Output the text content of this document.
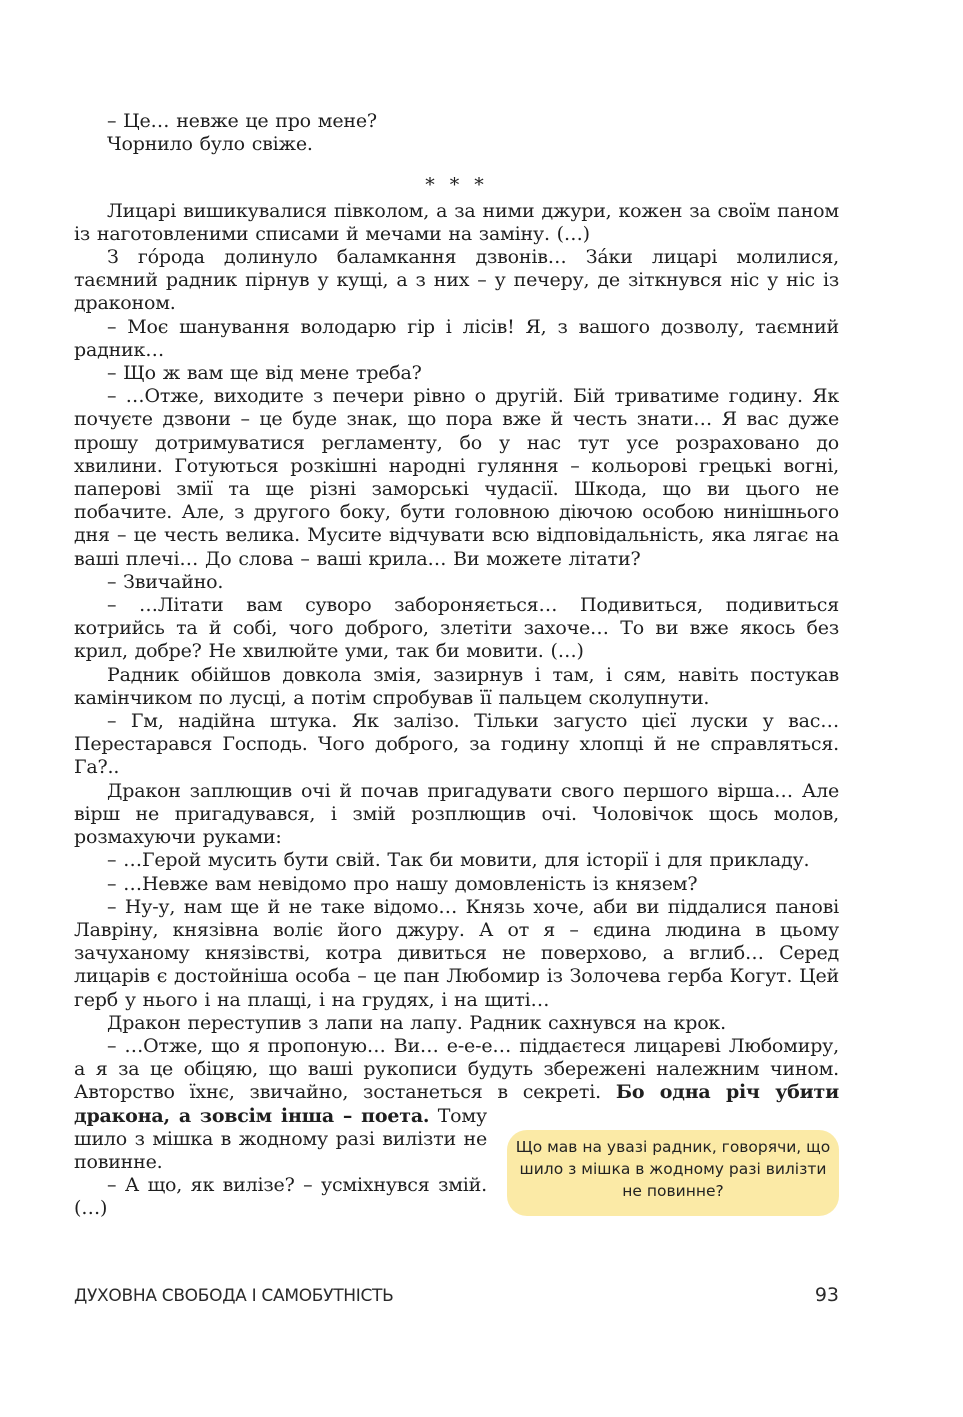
– Це… невже це про мене?

Чорнило було свіже.

* * *

Лицарі вишикувалися півколом, а за ними джури, кожен за своїм паном із наготовленими списами й мечами на заміну. (…)

З гóрода долинуло баламкання дзвонів… Зáки лицарі молилися, таємний радник пірнув у кущі, а з них – у печеру, де зіткнувся ніс у ніс із драконом.

– Моє шанування володарю гір і лісів! Я, з вашого дозволу, таємний радник…

– Що ж вам ще від мене треба?

– …Отже, виходите з печери рівно о другій. Бій триватиме годину. Як почуєте дзвони – це буде знак, що пора вже й честь знати… Я вас дуже прошу дотримуватися регламенту, бо у нас тут усе розраховано до хвилини. Готуються розкішні народні гуляння – кольорові грецькі вогні, паперові змії та ще різні заморські чудасії. Шкода, що ви цього не побачите. Але, з другого боку, бути головною діючою особою нинішнього дня – це честь велика. Мусите відчувати всю відповідальність, яка лягає на ваші плечі… До слова – ваші крила… Ви можете літати?

– Звичайно.

– …Літати вам суворо забороняється… Подивиться, подивиться котрийсь та й собі, чого доброго, злетіти захоче… То ви вже якось без крил, добре? Не хвилюйте уми, так би мовити. (…)

Радник обійшов довкола змія, зазирнув і там, і сям, навіть постукав камінчиком по лусці, а потім спробував її пальцем сколупнути.

– Гм, надійна штука. Як залізо. Тільки загусто цієї луски у вас… Перестарався Господь. Чого доброго, за годину хлопці й не справляться. Га?..

Дракон заплющив очі й почав пригадувати свого першого вірша… Але вірш не пригадувався, і змій розплющив очі. Чоловічок щось молов, розмахуючи руками:

– …Герой мусить бути свій. Так би мовити, для історії і для прикладу.

– …Невже вам невідомо про нашу домовленість із князем?

– Ну-у, нам ще й не таке відомо… Князь хоче, аби ви піддалися панові Лавріну, князівна воліє його джуру. А от я – єдина людина в цьому зачуханому князівстві, котра дивиться не поверхово, а вглиб… Серед лицарів є достойніша особа – це пан Любомир із Золочева герба Когут. Цей герб у нього і на плащі, і на грудях, і на щиті…

Дракон переступив з лапи на лапу. Радник сахнувся на крок.

– …Отже, що я пропоную… Ви… е-е-е… піддаєтеся лицареві Любомиру, а я за це обіцяю, що ваші рукописи будуть збережені належним чином. Авторство їхнє, звичайно, зостанеться в секреті. Бо одна річ убити дракона, а зовсім інша – поета. Тому шило з мішка в жодному разі вилізти не повинне.

– А що, як вилізе? – усміхнувся змій. (…)

Що мав на увазі радник, говорячи, що шило з мішка в жодному разі вилізти не повинне?
ДУХОВНА СВОБОДА І САМОБУТНІСТЬ	93
